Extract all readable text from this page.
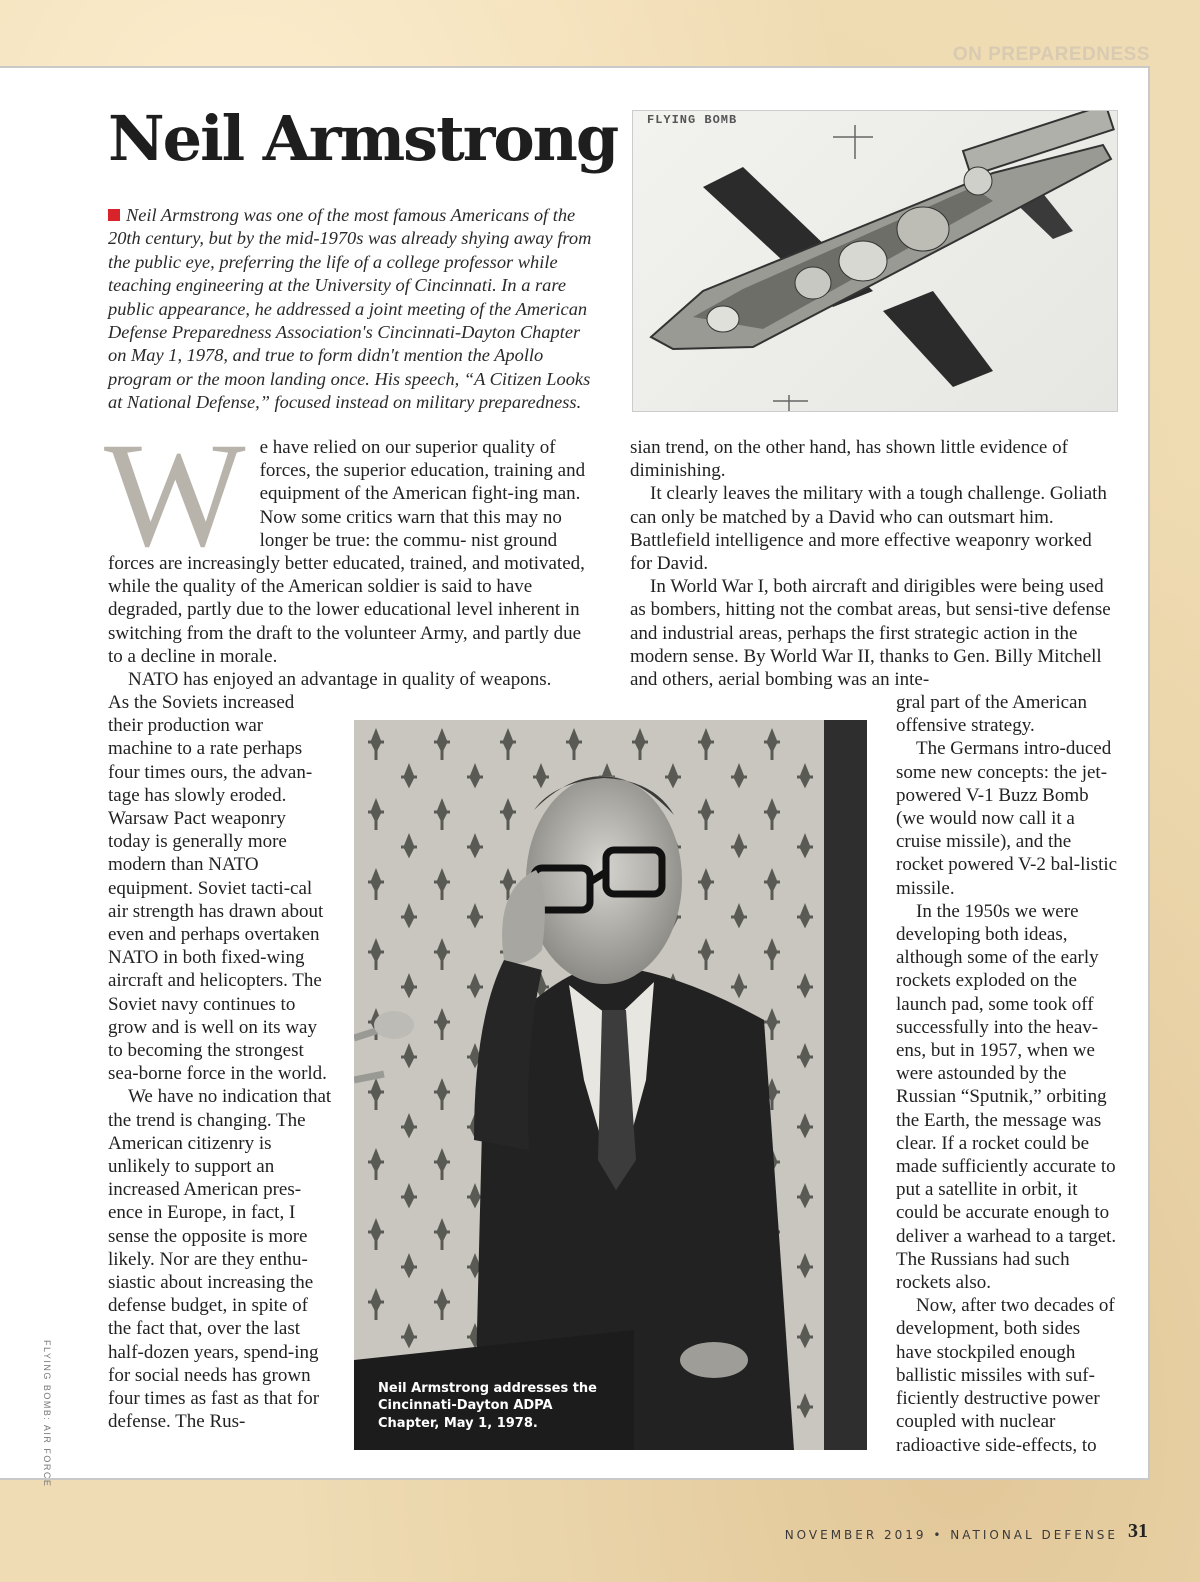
ON PREPAREDNESS
Neil Armstrong

Neil Armstrong was one of the most famous Americans of the 20th century, but by the mid-1970s was already shying away from the public eye, preferring the life of a college professor while teaching engineering at the University of Cincinnati. In a rare public appearance, he addressed a joint meeting of the American Defense Preparedness Association's Cincinnati-Dayton Chapter on May 1, 1978, and true to form didn't mention the Apollo program or the moon landing once. His speech, “A Citizen Looks at National Defense,” focused instead on military preparedness.

FLYING BOMB

We have relied on our superior quality of forces, the superior education, training and equipment of the American fight-ing man. Now some critics warn that this may no longer be true: the commu- nist ground forces are increasingly better educated, trained, and motivated, while the quality of the American soldier is said to have degraded, partly due to the lower educational level inherent in switching from the draft to the volunteer Army, and partly due to a decline in morale.

NATO has enjoyed an advantage in quality of weapons.

As the Soviets increased their production war machine to a rate perhaps four times ours, the advan-tage has slowly eroded. Warsaw Pact weaponry today is generally more modern than NATO equipment. Soviet tacti-cal air strength has drawn about even and perhaps overtaken NATO in both fixed-wing aircraft and helicopters. The Soviet navy continues to grow and is well on its way to becoming the strongest sea-borne force in the world.

We have no indication that the trend is changing. The American citizenry is unlikely to support an increased American pres-ence in Europe, in fact, I sense the opposite is more likely. Nor are they enthu-siastic about increasing the defense budget, in spite of the fact that, over the last half-dozen years, spend-ing for social needs has grown four times as fast as that for defense. The Rus-

sian trend, on the other hand, has shown little evidence of diminishing.

It clearly leaves the military with a tough challenge. Goliath can only be matched by a David who can outsmart him. Battlefield intelligence and more effective weaponry worked for David.

In World War I, both aircraft and dirigibles were being used as bombers, hitting not the combat areas, but sensi-tive defense and industrial areas, perhaps the first strategic action in the modern sense. By World War II, thanks to Gen. Billy Mitchell and others, aerial bombing was an inte-

gral part of the American offensive strategy.

The Germans intro-duced some new concepts: the jet-powered V-1 Buzz Bomb (we would now call it a cruise missile), and the rocket powered V-2 bal-listic missile.

In the 1950s we were developing both ideas, although some of the early rockets exploded on the launch pad, some took off successfully into the heav-ens, but in 1957, when we were astounded by the Russian “Sputnik,” orbiting the Earth, the message was clear. If a rocket could be made sufficiently accurate to put a satellite in orbit, it could be accurate enough to deliver a warhead to a target. The Russians had such rockets also.

Now, after two decades of development, both sides have stockpiled enough ballistic missiles with suf-ficiently destructive power coupled with nuclear radioactive side-effects, to

Neil Armstrong addresses the Cincinnati-Dayton ADPA Chapter, May 1, 1978.

FLYING BOMB: AIR FORCE
NOVEMBER 2019 • NATIONAL DEFENSE 31
